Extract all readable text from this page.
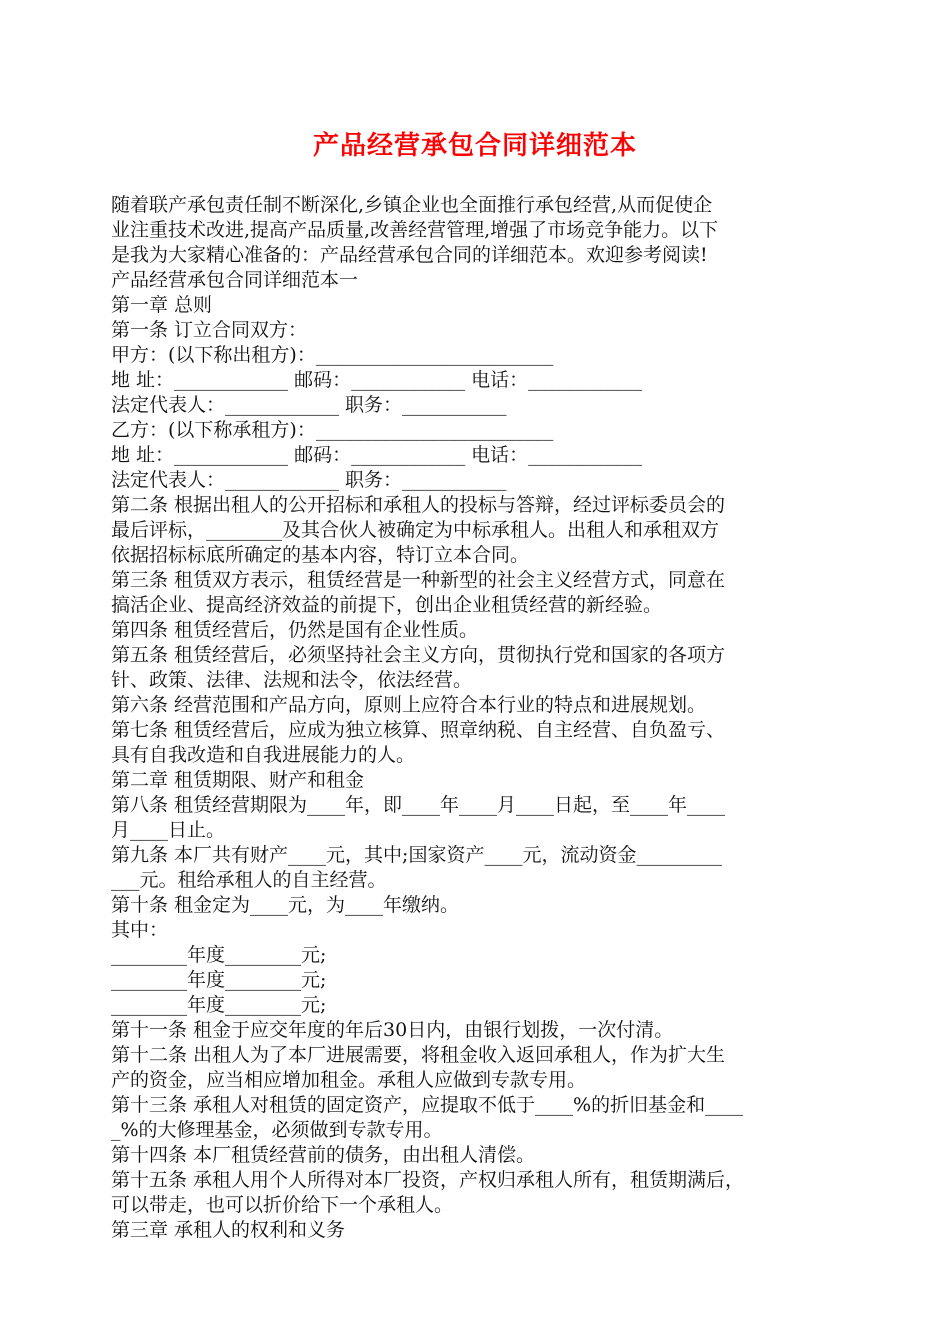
产品经营承包合同详细范本
随着联产承包责任制不断深化,乡镇企业也全面推行承包经营,从而促使企
业注重技术改进,提高产品质量,改善经营管理,增强了市场竞争能力。以下
是我为大家精心准备的：产品经营承包合同的详细范本。欢迎参考阅读!
产品经营承包合同详细范本一
第一章 总则
第一条 订立合同双方：
甲方：(以下称出租方)：_________________________
地 址：____________ 邮码：____________ 电话：____________
法定代表人：____________ 职务：___________
乙方：(以下称承租方)：_________________________
地 址：____________ 邮码：____________ 电话：____________
法定代表人：____________ 职务：___________
第二条 根据出租人的公开招标和承租人的投标与答辩，经过评标委员会的
最后评标，________及其合伙人被确定为中标承租人。出租人和承租双方
依据招标标底所确定的基本内容，特订立本合同。
第三条 租赁双方表示，租赁经营是一种新型的社会主义经营方式，同意在
搞活企业、提高经济效益的前提下，创出企业租赁经营的新经验。
第四条 租赁经营后，仍然是国有企业性质。
第五条 租赁经营后，必须坚持社会主义方向，贯彻执行党和国家的各项方
针、政策、法律、法规和法令，依法经营。
第六条 经营范围和产品方向，原则上应符合本行业的特点和进展规划。
第七条 租赁经营后，应成为独立核算、照章纳税、自主经营、自负盈亏、
具有自我改造和自我进展能力的人。
第二章 租赁期限、财产和租金
第八条 租赁经营期限为____年，即____年____月____日起，至____年____
月____日止。
第九条 本厂共有财产____元，其中;国家资产____元，流动资金_________
___元。租给承租人的自主经营。
第十条 租金定为____元，为____年缴纳。
其中：
________年度________元;
________年度________元;
________年度________元;
第十一条 租金于应交年度的年后30日内，由银行划拨，一次付清。
第十二条 出租人为了本厂进展需要，将租金收入返回承租人，作为扩大生
产的资金，应当相应增加租金。承租人应做到专款专用。
第十三条 承租人对租赁的固定资产，应提取不低于____%的折旧基金和____
_%的大修理基金，必须做到专款专用。
第十四条 本厂租赁经营前的债务，由出租人清偿。
第十五条 承租人用个人所得对本厂投资，产权归承租人所有，租赁期满后，
可以带走，也可以折价给下一个承租人。
第三章 承租人的权利和义务
